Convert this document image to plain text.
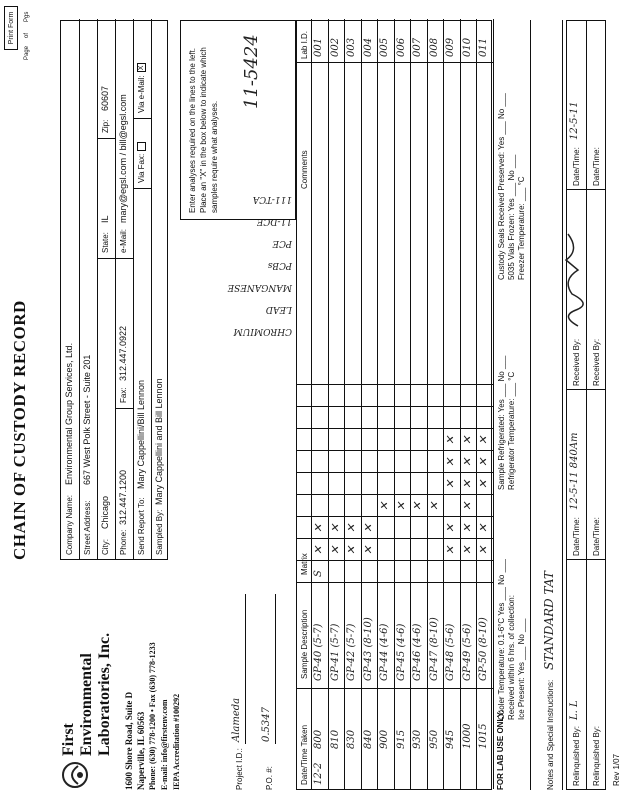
CHAIN OF CUSTODY RECORD
Print Form
Page
of
Pgs
First Environmental Laboratories, Inc. 1600 Shore Road, Suite D Naperville, IL 60563 Phone: (630) 778-1200 • Fax (630) 778-1233 E-mail: info@firstenv.com IEPA Accreditation #100292
Company Name:
Environmental Group Services, Ltd.
Street Address:
667 West Polk Street - Suite 201
City:
Chicago
State:
IL
Zip:
60607
Phone:
312.447.1200
Fax:
312.447.0922
e-Mail:
mary@egsl.com / bill@egsl.com
Send Report To:
Mary Cappellini/Bill Lennon
Via Fax:
Via e-Mail:X
Sampled By:
Mary Cappellini and Bill Lennon
Project I.D.:
Alameda
P.O. #:
0.5347
CHROMIUM
LEAD
MANGANESE
PCBs
PCE
11-DCE
111-TCA
Enter analyses required on the lines to the left. Place an "X" in the box below to indicate which samples require what analyses.
11-5424
Date/Time Taken
Sample Description
Matrix
Comments
Lab I.D.
12-2
800
GP-40 (5-7)
S
001
✕
✕
810
GP-41 (5-7)
002
✕
✕
830
GP-42 (5-7)
003
✕
✕
840
GP-43 (8-10)
004
✕
✕
900
GP-44 (4-6)
005
✕
915
GP-45 (4-6)
006
✕
930
GP-46 (4-6)
007
✕
950
GP-47 (8-10)
008
✕
945
GP-48 (5-6)
009
✕
✕
✕
✕
✕
1000
GP-49 (5-6)
010
✕
✕
✕
✕
✕
✕
1015
GP-50 (8-10)
011
✕
✕
✕
✕
✕
FOR LAB USE ONLY:
Cooler Temperature: 0.1-6°C Yes ___ No ___ Received within 6 hrs. of collection: Ice Present: Yes ___ No ___
Sample Refrigerated: Yes ___ No ___ Refrigerator Temperature: ___ °C
Custody Seals Received Preserved: Yes ___ No ___ 5035 Vials Frozen: Yes ___ No ___ Freezer Temperature: ___ °C
Notes and Special Instructions:
STANDARD TAT
Relinquished By:
L. L
Date/Time:
12-5-11 840Am
Received By:
Date/Time:
12-5-11
Relinquished By:
Date/Time:
Received By:
Date/Time:
Rev 1/07
